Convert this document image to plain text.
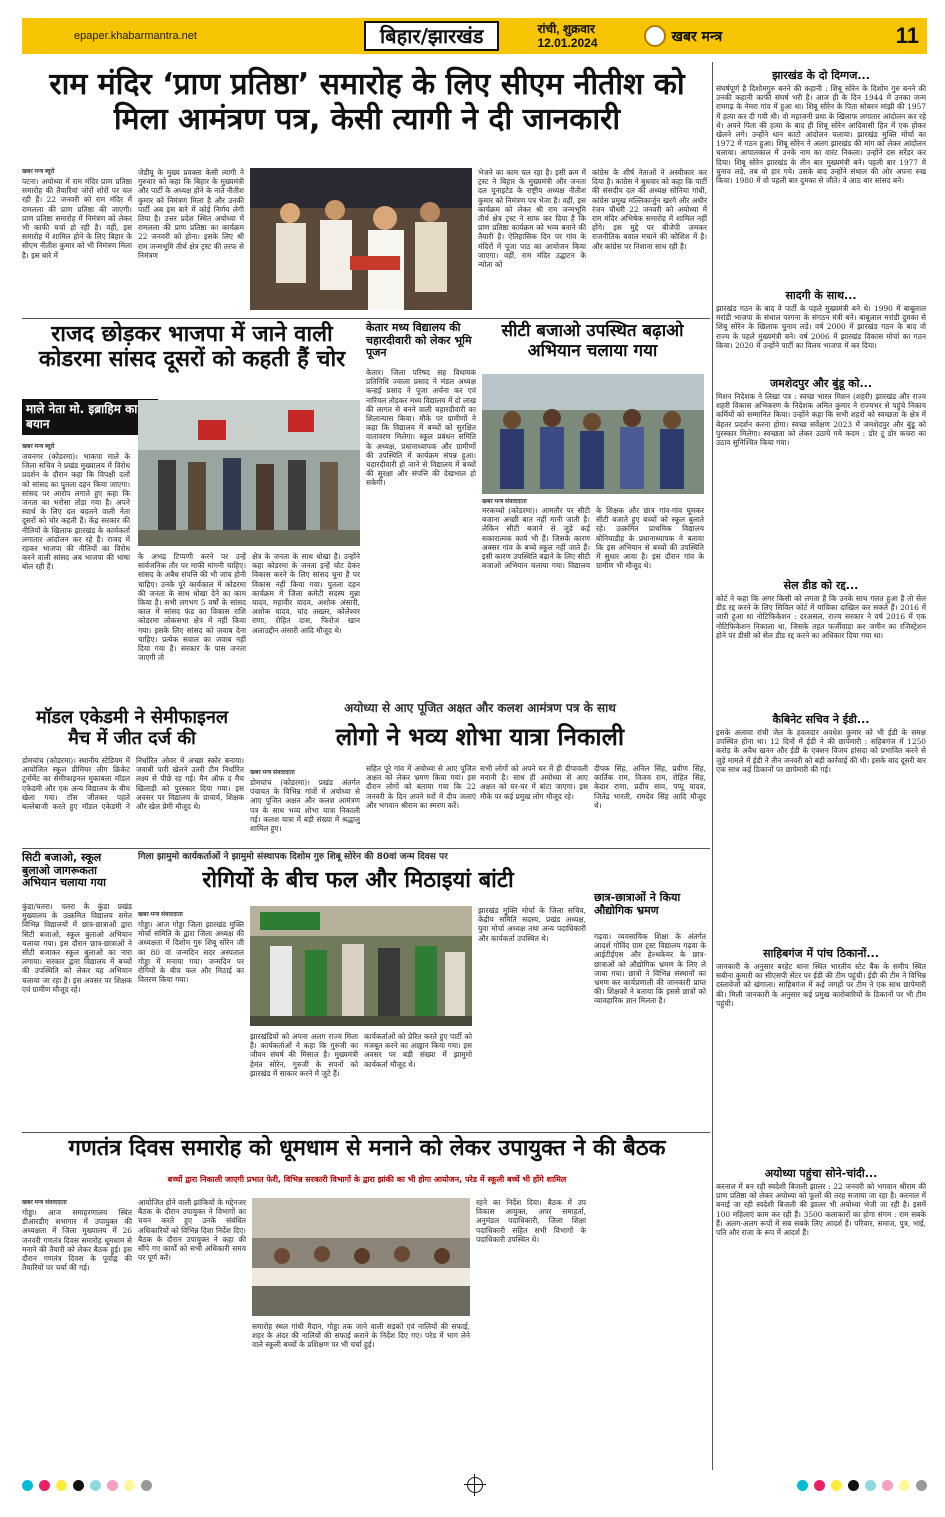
epaper.khabarmantra.net	बिहार/झारखंड	रांची, शुक्रवार
12.01.2024	खबर मन्त्र	11
राम मंदिर ‘प्राण प्रतिष्ठा’ समारोह के लिए सीएम नीतीश को मिला आमंत्रण पत्र, केसी त्यागी ने दी जानकारी
खबर मन्त्र ब्यूरो
पटना। अयोध्या में राम मंदिर प्राण प्रतिष्ठा समारोह की तैयारियां जोरों शोरों पर चल रही हैं। 22 जनवरी को राम मंदिर में रामलला की प्राण प्रतिष्ठा की जाएगी। प्राण प्रतिष्ठा समारोह में निमंत्रण को लेकर भी काफी चर्चा हो रही है। वहीं, इस समारोह में शामिल होने के लिए बिहार के सीएम नीतीश कुमार को भी निमंत्रण मिला है। इस बारे में
जेडीयू के मुख्य प्रवक्ता केसी त्यागी ने गुरुवार को कहा कि बिहार के मुख्यमंत्री और पार्टी के अध्यक्ष होने के नाते नीतीश कुमार को निमंत्रण मिला है और उनकी पार्टी अब इस बारे में कोई निर्णय लेगी तिया है। उत्तर प्रदेश स्थित अयोध्या में रामलला की प्राण प्रतिष्ठा का कार्यक्रम 22 जनवरी को होना। इसके लिए श्री राम जन्मभूमि तीर्थ क्षेत्र ट्रस्ट की तरफ से निमंत्रण
भेजने का काम चल रहा है। इसी क्रम में ट्रस्ट ने बिहार के मुख्यमंत्री और जनता दल यूनाइटेड के राष्ट्रीय अध्यक्ष नीतीश कुमार को निमंत्रण पत्र भेजा है। वहीं, इस कार्यक्रम को लेकर श्री राम जन्मभूमि तीर्थ क्षेत्र ट्रस्ट ने साफ कर दिया है कि प्राण प्रतिष्ठा कार्यक्रम को भव्य बनाने की तैयारी है। ऐतिहासिक दिन पर गांव के मंदिरों में पूजा पाठ का आयोजन किया जाएगा। वहीं, राम मंदिर उद्घाटन के न्योता को
कांग्रेस के शीर्ष नेताओं ने अस्वीकार कर दिया है। कांग्रेस ने बुधवार को कहा कि पार्टी की संसदीय दल की अध्यक्ष सोनिया गांधी, कांग्रेस प्रमुख मल्लिकार्जुन खरगे और अधीर रंजन चौधरी 22 जनवरी को अयोध्या में राम मंदिर अभिषेक समारोह में शामिल नहीं होंगे। इस मुद्दे पर बीजेपी जमकर राजनीतिक बवाल मचाने की कोशिश में है। और कांग्रेस पर निशाना साध रही है।
राजद छोड़कर भाजपा में जाने वाली कोडरमा सांसद दूसरों को कहती हैं चोर
माले नेता मो. इब्राहिम का बयान
खबर मन्त्र ब्यूरो
जयनगर (कोडरमा)। भाकपा माले के जिला सचिव ने प्रखंड मुख्यालय में विरोध प्रदर्शन के दौरान कहा कि विपक्षी दलों को सांसद का पुतला दहन किया जाएगा। सांसद पर आरोप लगाते हुए कहा कि जनता का भरोसा तोड़ा गया है। अपने स्वार्थ के लिए दल बदलने वाली नेता दूसरों को चोर कहती हैं। केंद्र सरकार की नीतियों के खिलाफ झारखंड के कार्यकर्ता लगातार आंदोलन कर रहे हैं। राजद में रहकर भाजपा की नीतियों का विरोध करने वाली सांसद अब भाजपा की भाषा बोल रही हैं।
के अभद्र टिप्पणी करने पर उन्हें सार्वजनिक तौर पर माफी मांगनी चाहिए। सांसद के अबैध संपत्ति की भी जांच होनी चाहिए। उनके पूरे कार्यकाल में कोडरमा की जनता के साथ धोखा देने का काम किया है। सभी लगभग 5 वर्षों के सांसद काल में सांसद फंड का विकास राशि कोडरमा लोकसभा क्षेत्र में नहीं किया गया। इसके लिए सांसद को जवाब देना चाहिए। प्रत्येक सवाल का जवाब नहीं दिया गया है। सरकार के पास जनता जाएगी तो
क्षेत्र के जनता के साथ धोखा है। उन्होंने कहा कोडरमा के जनता इन्हें चोट देकर विकास करने के लिए सांसद चुना है पर विकास नहीं किया गया। पुतला दहन कार्यक्रम में जिला कमेटी सदस्य मुन्ना यादव, महावीर यादव, अशोक अंसारी, अशोक यादव, चांद अख्तर, कोलेश्वर राणा, रोहित दास, फिरोज खान अलाउद्दीन अंसारी आदि मौजूद थे।
केतार मध्य विद्यालय की चहारदीवारी को लेकर भूमि पूजन
केतार। जिला परिषद सह विधायक प्रतिनिधि ज्वाला प्रसाद ने मंडल अध्यक्ष कन्हई प्रसाद ने पूजा अर्चना कर एवं नारियल तोड़कर मध्य विद्यालय में दो लाख की लागत से बनने वाली चहारदीवारी का शिलान्यास किया। मौके पर ग्रामीणों ने कहा कि विद्यालय में बच्चों को सुरक्षित वातावरण मिलेगा। स्कूल प्रबंधन समिति के अध्यक्ष, प्रधानाध्यापक और ग्रामीणों की उपस्थिति में कार्यक्रम संपन्न हुआ। चहारदीवारी हो जाने से विद्यालय में बच्चों की सुरक्षा और संपत्ति की देखभाल हो सकेगी।
सीटी बजाओ उपस्थित बढ़ाओ अभियान चलाया गया
खबर मन्त्र संवाददाता
मरकच्चो (कोडरमा)। आमतौर पर सीटी बजाना अच्छी बात नहीं मानी जाती है। लेकिन सीटी बजाने से जुड़े कई सकारात्मक कार्य भी हैं। जिसके कारण अक्सर गांव के बच्चे स्कूल नहीं जाते हैं। इसी कारण उपस्थिति बढ़ाने के लिए सीटी बजाओ अभियान चलाया गया। विद्यालय के शिक्षक और छात्र गांव-गांव घूमकर सीटी बजाते हुए बच्चों को स्कूल बुलाते रहे। उत्क्रमित प्राथमिक विद्यालय बोनियाडीह के प्रधानाध्यापक ने बताया कि इस अभियान से बच्चों की उपस्थिति में सुधार आया है। इस दौरान गांव के ग्रामीण भी मौजूद थे।
मॉडल एकेडमी ने सेमीफाइनल मैच में जीत दर्ज की
डोमचांच (कोडरमा)। स्थानीय स्टेडियम में आयोजित स्कूल प्रीमियर लीग क्रिकेट टूर्नामेंट का सेमीफाइनल मुकाबला मॉडल एकेडमी और एक अन्य विद्यालय के बीच खेला गया। टॉस जीतकर पहले बल्लेबाजी करते हुए मॉडल एकेडमी ने निर्धारित ओवर में अच्छा स्कोर बनाया। जवाबी पारी खेलने उतरी टीम निर्धारित लक्ष्य से पीछे रह गई। मैन ऑफ द मैच खिलाड़ी को पुरस्कार दिया गया। इस अवसर पर विद्यालय के प्राचार्य, शिक्षक और खेल प्रेमी मौजूद थे।
अयोध्या से आए पूजित अक्षत और कलश आमंत्रण पत्र के साथ
लोगो ने भव्य शोभा यात्रा निकाली
खबर मन्त्र संवाददाता
डोमचांच (कोडरमा)। प्रखंड अंतर्गत पंचायत के विभिन्न गांवों में अयोध्या से आए पूजित अक्षत और कलश आमंत्रण पत्र के साथ भव्य शोभा यात्रा निकाली गई। कलश यात्रा में बड़ी संख्या में श्रद्धालु शामिल हुए।
सहित पूरे गांव में अयोध्या से आए पूजित अक्षत को लेकर भ्रमण किया गया। इस दौरान लोगों को बताया गया कि 22 जनवरी के दिन अपने घरों में दीप जलाएं और भगवान श्रीराम का स्मरण करें।
सभी लोगों को अपने घर में ही दीपावली मनानी है। साथ ही अयोध्या से आए अक्षत को घर-घर में बांटा जाएगा। इस मौके पर कई प्रमुख लोग मौजूद रहे।
दीपक सिंह, अनिल सिंह, प्रवीण सिंह, कार्तिक राम, विजय राम, रोहित सिंह, केदार राणा, प्रदीप साव, पप्पू यादव, जितेंद्र भारती, रामदेव सिंह आदि मौजूद थे।
सिटी बजाओ, स्कूल बुलाओ जागरूकता अभियान चलाया गया
कुंडा/चतरा। चतरा के कुंडा प्रखंड मुख्यालय के उत्क्रमित विद्यालय समेत विभिन्न विद्यालयों में छात्र-छात्राओं द्वारा सिटी बजाओ, स्कूल बुलाओ अभियान चलाया गया। इस दौरान छात्र-छात्राओं ने सीटी बजाकर स्कूल बुलाओ का नारा लगाया। सरकार द्वारा विद्यालय में बच्चों की उपस्थिति को लेकर यह अभियान चलाया जा रहा है। इस अवसर पर शिक्षक एवं ग्रामीण मौजूद रहे।
गिला झामुमो कार्यकर्ताओं ने झामुमो संस्थापक दिशोम गुरु शिबू सोरेन की 80वां जन्म दिवस पर
रोगियों के बीच फल और मिठाइयां बांटी
खबर मन्त्र संवाददाता
गोड्डा। आज गोड्डा जिला झारखंड मुक्ति मोर्चा समिति के द्वारा जिला अध्यक्ष की अध्यक्षता में दिशोम गुरु शिबू सोरेन जी का 80 वां जन्मदिन सदर अस्पताल गोड्डा में मनाया गया। जन्मदिन पर रोगियों के बीच फल और मिठाई का वितरण किया गया।
झारखंडियों को अपना अलग राज्य मिला है। कार्यकर्ताओं ने कहा कि गुरुजी का जीवन संघर्ष की मिसाल है। मुख्यमंत्री हेमंत सोरेन, गुरुजी के सपनों को झारखंड में साकार करने में जुटे हैं।
कार्यकर्ताओं को प्रेरित करते हुए पार्टी को मजबूत करने का आह्वान किया गया। इस अवसर पर बड़ी संख्या में झामुमो कार्यकर्ता मौजूद थे।
झारखंड मुक्ति मोर्चा के जिला सचिव, केंद्रीय समिति सदस्य, प्रखंड अध्यक्ष, युवा मोर्चा अध्यक्ष तथा अन्य पदाधिकारी और कार्यकर्ता उपस्थित थे।
छात्र-छात्राओं ने किया औद्योगिक भ्रमण
गढ़वा। व्यवसायिक शिक्षा के अंतर्गत आदर्श गोविंद ग्राम ट्रस्ट विद्यालय गढ़वा के आईटीईएस और हेल्थकेयर के छात्र-छात्राओं को औद्योगिक भ्रमण के लिए ले जाया गया। छात्रों ने विभिन्न संस्थानों का भ्रमण कर कार्यप्रणाली की जानकारी प्राप्त की। शिक्षकों ने बताया कि इससे छात्रों को व्यावहारिक ज्ञान मिलता है।
गणतंत्र दिवस समारोह को धूमधाम से मनाने को लेकर उपायुक्त ने की बैठक
बच्चों द्वारा निकाली जाएगी प्रभात फेरी, विभिन्न सरकारी विभागों के द्वारा झांकी का भी होगा आयोजन, परेड में स्कूली बच्चें भी होंगे शामिल
खबर मन्त्र संवाददाता
गोड्डा। आज समाहरणालय स्थित डीआरडीए सभागार में उपायुक्त की अध्यक्षता में जिला मुख्यालय में 26 जनवरी गणतंत्र दिवस समारोह धूमधाम से मनाने की तैयारी को लेकर बैठक हुई। इस दौरान गणतंत्र दिवस के पूर्वाह्न की तैयारियों पर चर्चा की गई।
आयोजित होने वाली झांकियों के मद्देनजर बैठक के दौरान उपायुक्त ने विभागों का चयन करते हुए उनके संबंधित अधिकारियों को विभिन्न दिशा निर्देश दिए। बैठक के दौरान उपायुक्त ने कहा की सौंपे गए कार्यों को सभी अधिकारी समय पर पूर्ण करें।
समारोह स्थल गांधी मैदान, गोड्डा तक जाने वाली सड़कों एवं नालियों की सफाई, शहर के अंदर की नालियों की सफाई कराने के निर्देश दिए गए। परेड में भाग लेने वाले स्कूली बच्चों के प्रशिक्षण पर भी चर्चा हुई।
रहने का निर्देश दिया। बैठक में उप विकास आयुक्त, अपर समाहर्ता, अनुमंडल पदाधिकारी, जिला शिक्षा पदाधिकारी सहित सभी विभागों के पदाधिकारी उपस्थित थे।
झारखंड के दो दिग्गज...
संघर्षपूर्ण है दिशोमगुरु बनने की कहानी : शिबू सोरेन के दिशोम गुरु बनने की उनकी कहानी काफी संघर्ष भरी है। आज ही के दिन 1944 में उनका जन्म रामगढ़ के नेमरा गांव में हुआ था। शिबू सोरेन के पिता सोबरन मांझी की 1957 में हत्या कर दी गयी थी। वो महाजनी प्रथा के खिलाफ लगातार आंदोलन कर रहे थे। अपने पिता की हत्या के बाद ही शिबू सोरेन आदिवासी हित में एक होकर खेलने लगे। उन्होंने धान काटो आंदोलन चलाया। झारखंड मुक्ति मोर्चा का 1972 में गठन हुआ। शिबू सोरेन ने अलग झारखंड की मांग को लेकर आंदोलन चलाया। आपातकाल में उनके नाम का वारंट निकला। उन्होंने दस सरेंडर कर दिया। शिबू सोरेन झारखंड के तीन बार मुख्यमंत्री बने। पहली बार 1977 में चुनाव लड़े, तब वो हार गये। उसके बाद उन्होंने संथाल की ओर अपना रुख किया। 1980 में वो पहली बार दुमका से जीते। वे आठ बार सांसद बने।
सादगी के साथ...
झारखंड गठन के बाद वे पार्टी के पहले मुख्यमंत्री बने थे। 1990 में बाबूलाल मरांडी भाजपा के संथाल परगना के संगठन मंत्री बने। बाबूलाल मरांडी दुमका से शिबू सोरेन के खिलाफ चुनाव लड़े। वर्ष 2000 में झारखंड गठन के बाद वो राज्य के पहले मुख्यमंत्री बने। वर्ष 2006 में झारखंड विकास मोर्चा का गठन किया। 2020 में उन्होंने पार्टी का विलय भाजपा में कर दिया।
जमशेदपुर और बुंडू को...
मिशन निदेशक ने लिखा पत्र : स्वच्छ भारत मिशन (शहरी) झारखंड और राज्य शहरी विकास अभिकरण के निदेशक अमित कुमार ने राज्यभर से पहुंचे निकाय कर्मियों को सम्मानित किया। उन्होंने कहा कि सभी शहरों को स्वच्छता के क्षेत्र में बेहतर प्रदर्शन करना होगा। स्वच्छ सर्वेक्षण 2023 में जमशेदपुर और बुंडू को पुरस्कार मिलेगा। स्वच्छता को लेकर उठाये गये कदम : डोर टू डोर कचरा का उठाव सुनिश्चित किया गया।
सेल डीड को रद्द...
कोर्ट ने कहा कि अगर किसी को लगता है कि उनके साथ गलत हुआ है तो सेल डीड रद्द करने के लिए सिविल कोर्ट में याचिका दाखिल कर सकते हैं। 2016 में जारी हुआ था नोटिफिकेशन : दरअसल, राज्य सरकार ने वर्ष 2016 में एक नोटिफिकेशन निकाला था, जिसके तहत फर्जीवाड़ा कर जमीन का रजिस्ट्रेशन होने पर डीसी को सेल डीड रद्द करने का अधिकार दिया गया था।
कैबिनेट सचिव ने ईडी...
इसके अलावा रांची जेल के हवलदार अवधेश कुमार को भी ईडी के समक्ष उपस्थित होना था। 12 दिनों में ईडी ने की छापेमारी : सहिबगंज में 1250 करोड़ के अवैध खनन और ईडी के एक्शन विजय हांसदा को प्रभावित करने से जुड़े मामले में ईडी ने तीन जनवरी को बड़ी कार्रवाई की थी। इसके बाद दूसरी बार एक साथ कई ठिकानों पर छापेमारी की गई।
साहिबगंज में पांच ठिकानों...
जानकारी के अनुसार बरहेट थाना स्थित भारतीय स्टेट बैंक के समीप स्थित सबीना कुमारी का सीएसपी सेंटर पर ईडी की टीम पहुंची। ईडी की टीम ने विभिन्न दस्तावेजों को खंगाला। साहिबगंज में कई जगहों पर टीम ने एक साथ छापेमारी की। मिली जानकारी के अनुसार कई प्रमुख कारोबारियों के ठिकानों पर भी टीम पहुंची।
अयोध्या पहुंचा सोने-चांदी...
करनाल में बन रही स्वदेशी बिजली झालर : 22 जनवरी को भगवान श्रीराम की प्राण प्रतिष्ठा को लेकर अयोध्या को फूलों की तरह सजाया जा रहा है। करनाल में बनाई जा रही स्वदेशी बिजली की झालर भी अयोध्या भेजी जा रही है। इसमें 100 महिलाएं काम कर रही हैं। 3500 कलाकारों का होगा संगम : राम सबके हैं। अलग-अलग रूपों में सब सबके लिए आदर्श हैं। परिवार, समाज, पुत्र, भाई, पति और राजा के रूप में आदर्श हैं।
